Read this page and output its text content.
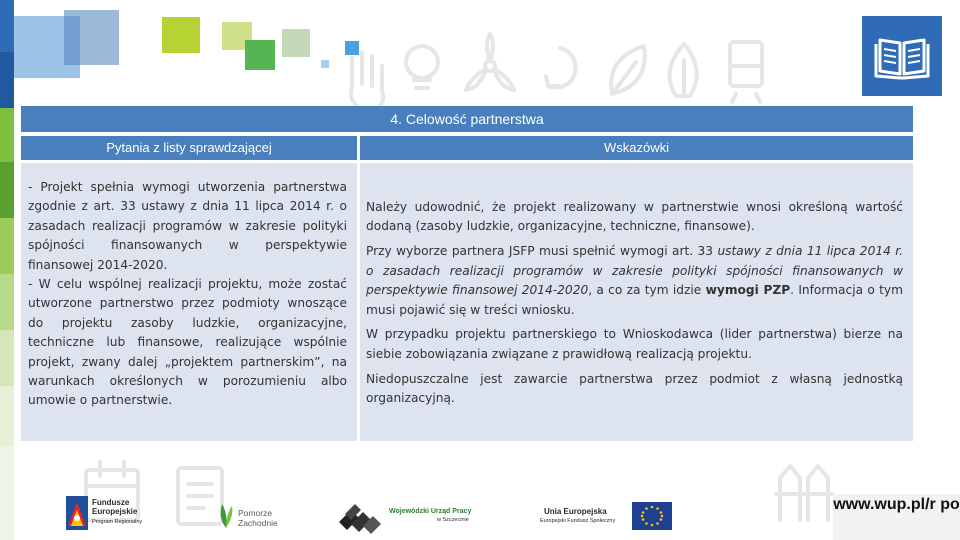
4. Celowość partnerstwa
Pytania z listy sprawdzającej	Wskazówki

- Projekt spełnia wymogi utworzenia partnerstwa zgodnie z art. 33 ustawy z dnia 11 lipca 2014 r. o zasadach realizacji programów w zakresie polityki spójności finansowanych w perspektywie finansowej 2014-2020.

- W celu wspólnej realizacji projektu, może zostać utworzone partnerstwo przez podmioty wnoszące do projektu zasoby ludzkie, organizacyjne, techniczne lub finansowe, realizujące wspólnie projekt, zwany dalej „projektem partnerskim”, na warunkach określonych w porozumieniu albo umowie o partnerstwie.

Należy udowodnić, że projekt realizowany w partnerstwie wnosi określoną wartość dodaną (zasoby ludzkie, organizacyjne, techniczne, finansowe).

Przy wyborze partnera JSFP musi spełnić wymogi art. 33 ustawy z dnia 11 lipca 2014 r. o zasadach realizacji programów w zakresie polityki spójności finansowanych w perspektywie finansowej 2014-2020, a co za tym idzie wymogi PZP. Informacja o tym musi pojawić się w treści wniosku.

W przypadku projektu partnerskiego to Wnioskodawca (lider partnerstwa) bierze na siebie zobowiązania związane z prawidłową realizacją projektu.

Niedopuszczalne jest zawarcie partnerstwa przez podmiot z własną jednostką organizacyjną.

Fundusze
Europejskie
Program Regionalny
Pomorze
Zachodnie
Wojewódzki Urząd Pracy
w Szczecinie
Unia Europejska
Europejski Fundusz Społeczny
www.wup.pl/r po
